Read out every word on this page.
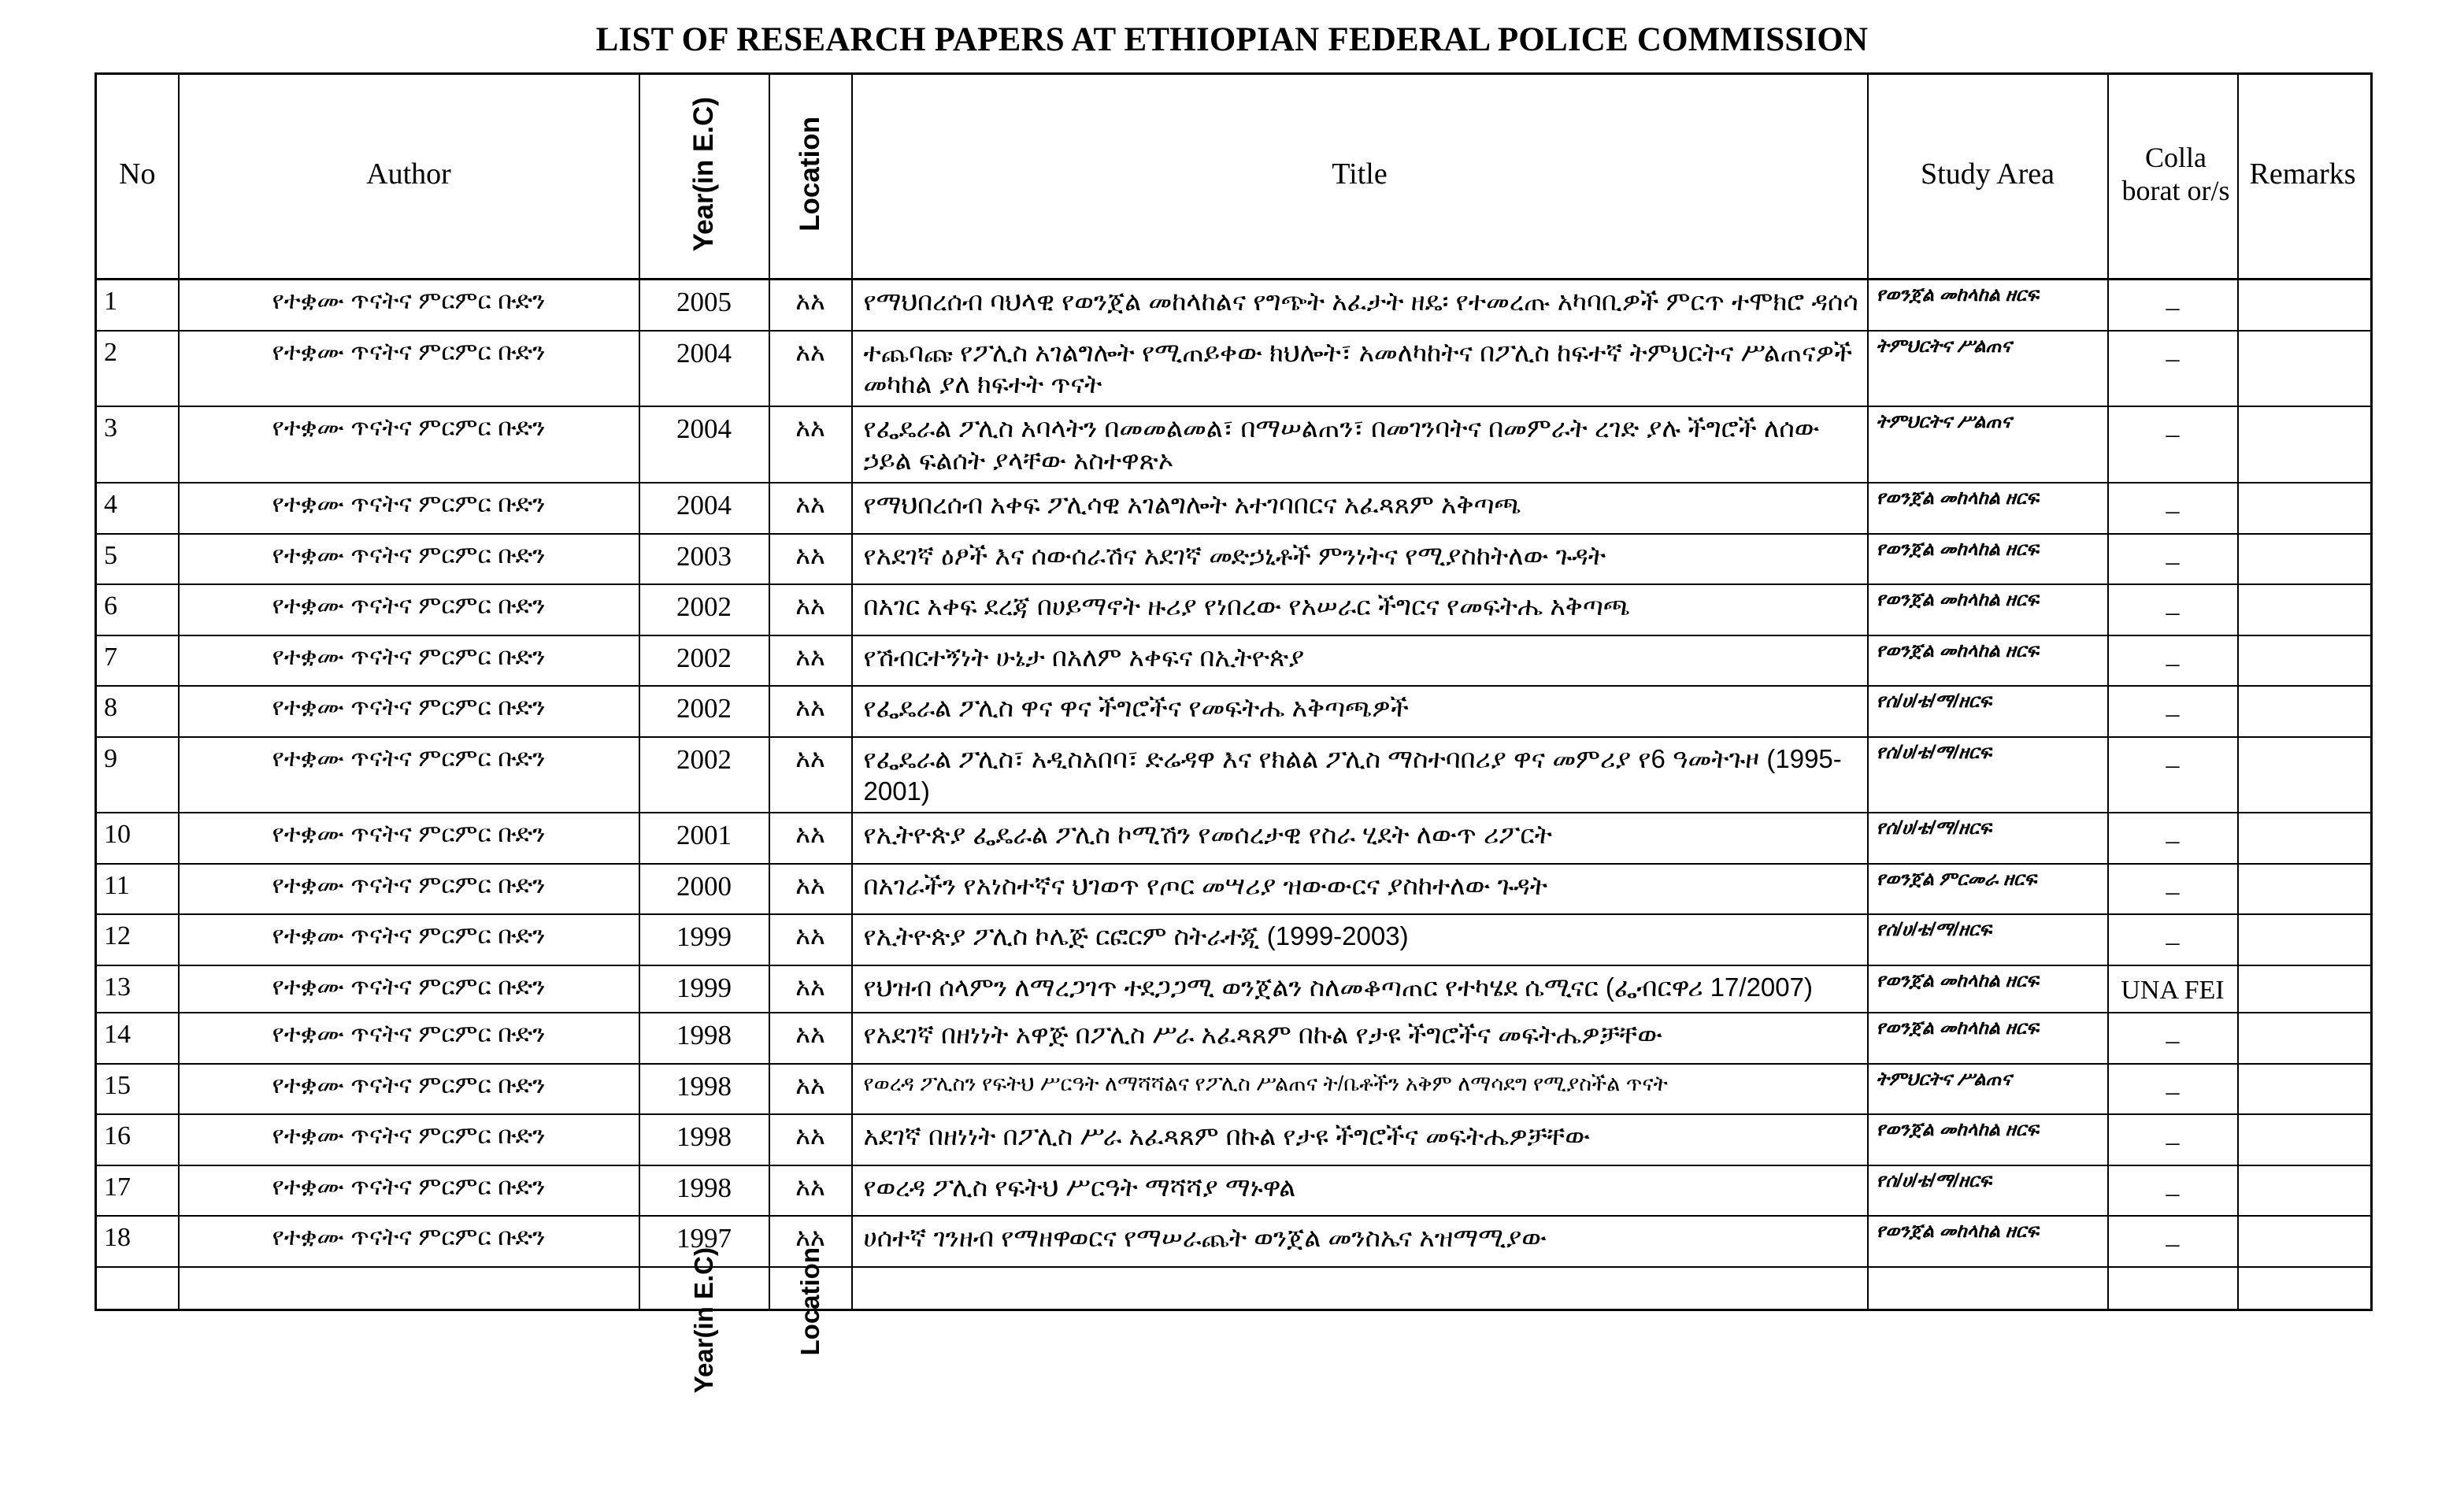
LIST OF RESEARCH PAPERS AT ETHIOPIAN FEDERAL POLICE COMMISSION
No	Author	Year(in E.C)	Location	Title	Study Area	Colla borat or/s	Remarks

1	የተቋሙ ጥናትና ምርምር ቡድን	2005	አአ	የማህበረሰብ ባህላዊ የወንጀል መከላከልና የግጭት አፈታት ዘዴ፡ የተመረጡ አካባቢዎች ምርጥ ተሞክሮ ዳሰሳ	የወንጀል መከላከል ዘርፍ	–	

2	የተቋሙ ጥናትና ምርምር ቡድን	2004	አአ	ተጨባጩ የፖሊስ አገልግሎት የሚጠይቀው ክህሎት፣ አመለካከትና በፖሊስ ከፍተኛ ትምህርትና ሥልጠናዎች መካከል ያለ ክፍተት ጥናት	ትምህርትና ሥልጠና	–	

3	የተቋሙ ጥናትና ምርምር ቡድን	2004	አአ	የፌዴራል ፖሊስ አባላትን በመመልመል፣ በማሠልጠን፣ በመገንባትና በመምራት ረገድ ያሉ ችግሮች ለሰው ኃይል ፍልሰት ያላቸው አስተዋጽኦ	ትምህርትና ሥልጠና	–	

4	የተቋሙ ጥናትና ምርምር ቡድን	2004	አአ	የማህበረሰብ አቀፍ ፖሊሳዊ አገልግሎት አተገባበርና አፈጻጸም አቅጣጫ	የወንጀል መከላከል ዘርፍ	–	

5	የተቋሙ ጥናትና ምርምር ቡድን	2003	አአ	የአደገኛ ዕፆች እና ሰውሰራሽና አደገኛ መድኃኒቶች ምንነትና የሚያስከትለው ጉዳት	የወንጀል መከላከል ዘርፍ	–	

6	የተቋሙ ጥናትና ምርምር ቡድን	2002	አአ	በአገር አቀፍ ደረጃ በሀይማኖት ዙሪያ የነበረው የአሠራር ችግርና የመፍትሔ አቅጣጫ	የወንጀል መከላከል ዘርፍ	–	

7	የተቋሙ ጥናትና ምርምር ቡድን	2002	አአ	የሽብርተኝነት ሁኔታ በአለም አቀፍና በኢትዮጵያ	የወንጀል መከላከል ዘርፍ	–	

8	የተቋሙ ጥናትና ምርምር ቡድን	2002	አአ	የፌዴራል ፖሊስ ዋና ዋና ችግሮችና የመፍትሔ አቅጣጫዎች	የሰ/ሀ/ቴ/ማ/ዘርፍ	–	

9	የተቋሙ ጥናትና ምርምር ቡድን	2002	አአ	የፌዴራል ፖሊስ፣ አዲስአበባ፣ ድሬዳዋ እና የክልል ፖሊስ ማስተባበሪያ ዋና መምሪያ የ6 ዓመትጉዞ (1995-2001)	የሰ/ሀ/ቴ/ማ/ዘርፍ	–	

10	የተቋሙ ጥናትና ምርምር ቡድን	2001	አአ	የኢትዮጵያ ፌዴራል ፖሊስ ኮሚሽን የመሰረታዊ የስራ ሂደት ለውጥ ሪፖርት	የሰ/ሀ/ቴ/ማ/ዘርፍ	–	

11	የተቋሙ ጥናትና ምርምር ቡድን	2000	አአ	በአገራችን የአነስተኛና ህገወጥ የጦር መሣሪያ ዝውውርና ያስከተለው ጉዳት	የወንጀል ምርመራ ዘርፍ	–	

12	የተቋሙ ጥናትና ምርምር ቡድን	1999	አአ	የኢትዮጵያ ፖሊስ ኮሌጅ ርፎርም ስትራተጂ (1999-2003)	የሰ/ሀ/ቴ/ማ/ዘርፍ	–	

13	የተቋሙ ጥናትና ምርምር ቡድን	1999	አአ	የህዝብ ሰላምን ለማረጋገጥ ተደጋጋሚ ወንጀልን ስለመቆጣጠር የተካሄደ ሴሚናር (ፌብርዋሪ 17/2007)	የወንጀል መከላከል ዘርፍ	UNA FEI	

14	የተቋሙ ጥናትና ምርምር ቡድን	1998	አአ	የአደገኛ በዘነነት አዋጅ በፖሊስ ሥራ አፈጻጸም በኩል የታዩ ችግሮችና መፍትሔዎቻቸው	የወንጀል መከላከል ዘርፍ	–	

15	የተቋሙ ጥናትና ምርምር ቡድን	1998	አአ	የወረዳ ፖሊስን የፍትህ ሥርዓት ለማሻሻልና የፖሊስ ሥልጠና ት/ቤቶችን አቅም ለማሳደግ የሚያስችል ጥናት	ትምህርትና ሥልጠና	–	

16	የተቋሙ ጥናትና ምርምር ቡድን	1998	አአ	አደገኛ በዘነነት በፖሊስ ሥራ አፈጻጸም በኩል የታዩ ችግሮችና መፍትሔዎቻቸው	የወንጀል መከላከል ዘርፍ	–	

17	የተቋሙ ጥናትና ምርምር ቡድን	1998	አአ	የወረዳ ፖሊስ የፍትህ ሥርዓት ማሻሻያ ማኑዋል	የሰ/ሀ/ቴ/ማ/ዘርፍ	–	

18	የተቋሙ ጥናትና ምርምር ቡድን	1997	አአ	ሀሰተኛ ገንዘብ የማዘዋወርና የማሠራጨት ወንጀል መንስኤና አዝማሚያው	የወንጀል መከላከል ዘርፍ	–	

		Year(in E.C)	Location				
